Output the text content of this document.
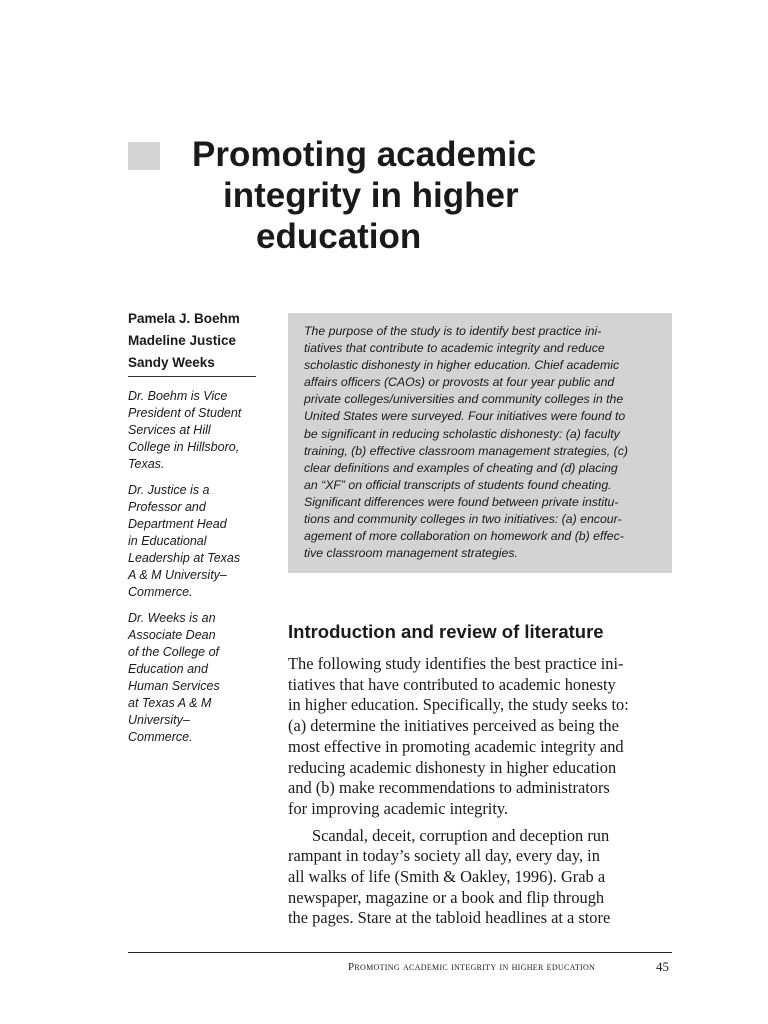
Promoting academic
integrity in higher
education
Pamela J. Boehm
Madeline Justice
Sandy Weeks

Dr. Boehm is Vice
President of Student
Services at Hill
College in Hillsboro,
Texas.

Dr. Justice is a
Professor and
Department Head
in Educational
Leadership at Texas
A & M University–
Commerce.

Dr. Weeks is an
Associate Dean
of the College of
Education and
Human Services
at Texas A & M
University–
Commerce.

The purpose of the study is to identify best practice ini-
tiatives that contribute to academic integrity and reduce
scholastic dishonesty in higher education. Chief academic
affairs officers (CAOs) or provosts at four year public and
private colleges/universities and community colleges in the
United States were surveyed. Four initiatives were found to
be significant in reducing scholastic dishonesty: (a) faculty
training, (b) effective classroom management strategies, (c)
clear definitions and examples of cheating and (d) placing
an “XF” on official transcripts of students found cheating.
Significant differences were found between private institu-
tions and community colleges in two initiatives: (a) encour-
agement of more collaboration on homework and (b) effec-
tive classroom management strategies.

Introduction and review of literature

The following study identifies the best practice ini-
tiatives that have contributed to academic honesty
in higher education. Specifically, the study seeks to:
(a) determine the initiatives perceived as being the
most effective in promoting academic integrity and
reducing academic dishonesty in higher education
and (b) make recommendations to administrators
for improving academic integrity.

Scandal, deceit, corruption and deception run
rampant in today’s society all day, every day, in
all walks of life (Smith & Oakley, 1996). Grab a
newspaper, magazine or a book and flip through
the pages. Stare at the tabloid headlines at a store

Promoting academic integrity in higher education	45
